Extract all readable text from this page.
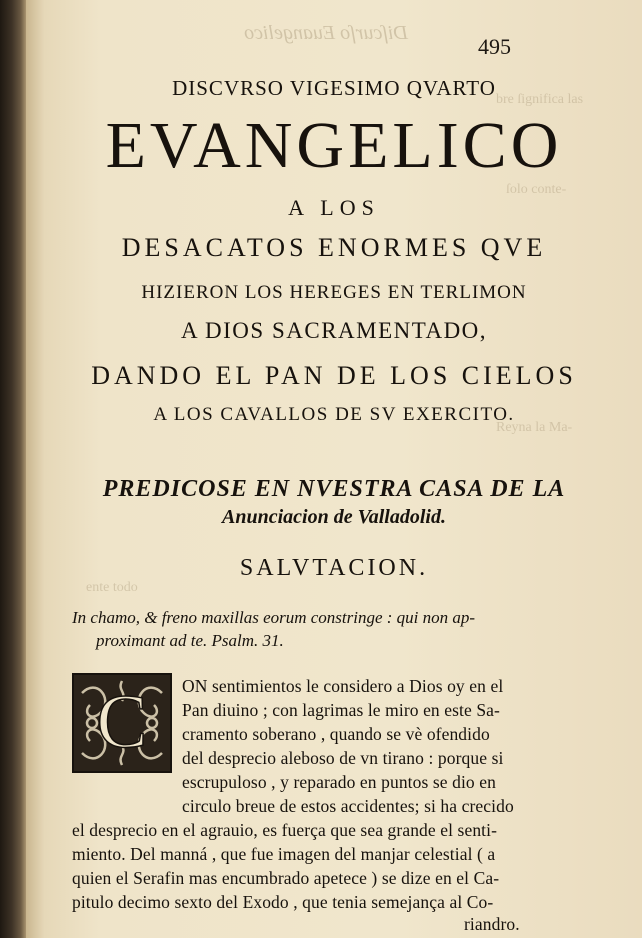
Diſcurſo Euangelico
bre ſignifica las
ſolo conte-
Reyna la Ma-
ente todo
495
DISCVRSO VIGESIMO QVARTO
EVANGELICO
A LOS
DESACATOS ENORMES QVE
HIZIERON LOS HEREGES EN TERLIMON
A DIOS SACRAMENTADO,
DANDO EL PAN DE LOS CIELOS
A LOS CAVALLOS DE SV EXERCITO.
PREDICOSE EN NVESTRA CASA DE LA
Anunciacion de Valladolid.
SALVTACION.
In chamo, & freno maxillas eorum constringe : qui non ap-
proximant ad te. Psalm. 31.
C ON sentimientos le considero a Dios oy en el
Pan diuino ; con lagrimas le miro en este Sa-
cramento soberano , quando se vè ofendido
del desprecio aleboso de vn tirano : porque si
escrupuloso , y reparado en puntos se dio en
circulo breue de estos accidentes; si ha crecido
el desprecio en el agrauio, es fuerça que sea grande el senti-
miento. Del manná , que fue imagen del manjar celestial ( a
quien el Serafin mas encumbrado apetece ) se dize en el Ca-
pitulo decimo sexto del Exodo , que tenia semejança al Co-
riandro.
